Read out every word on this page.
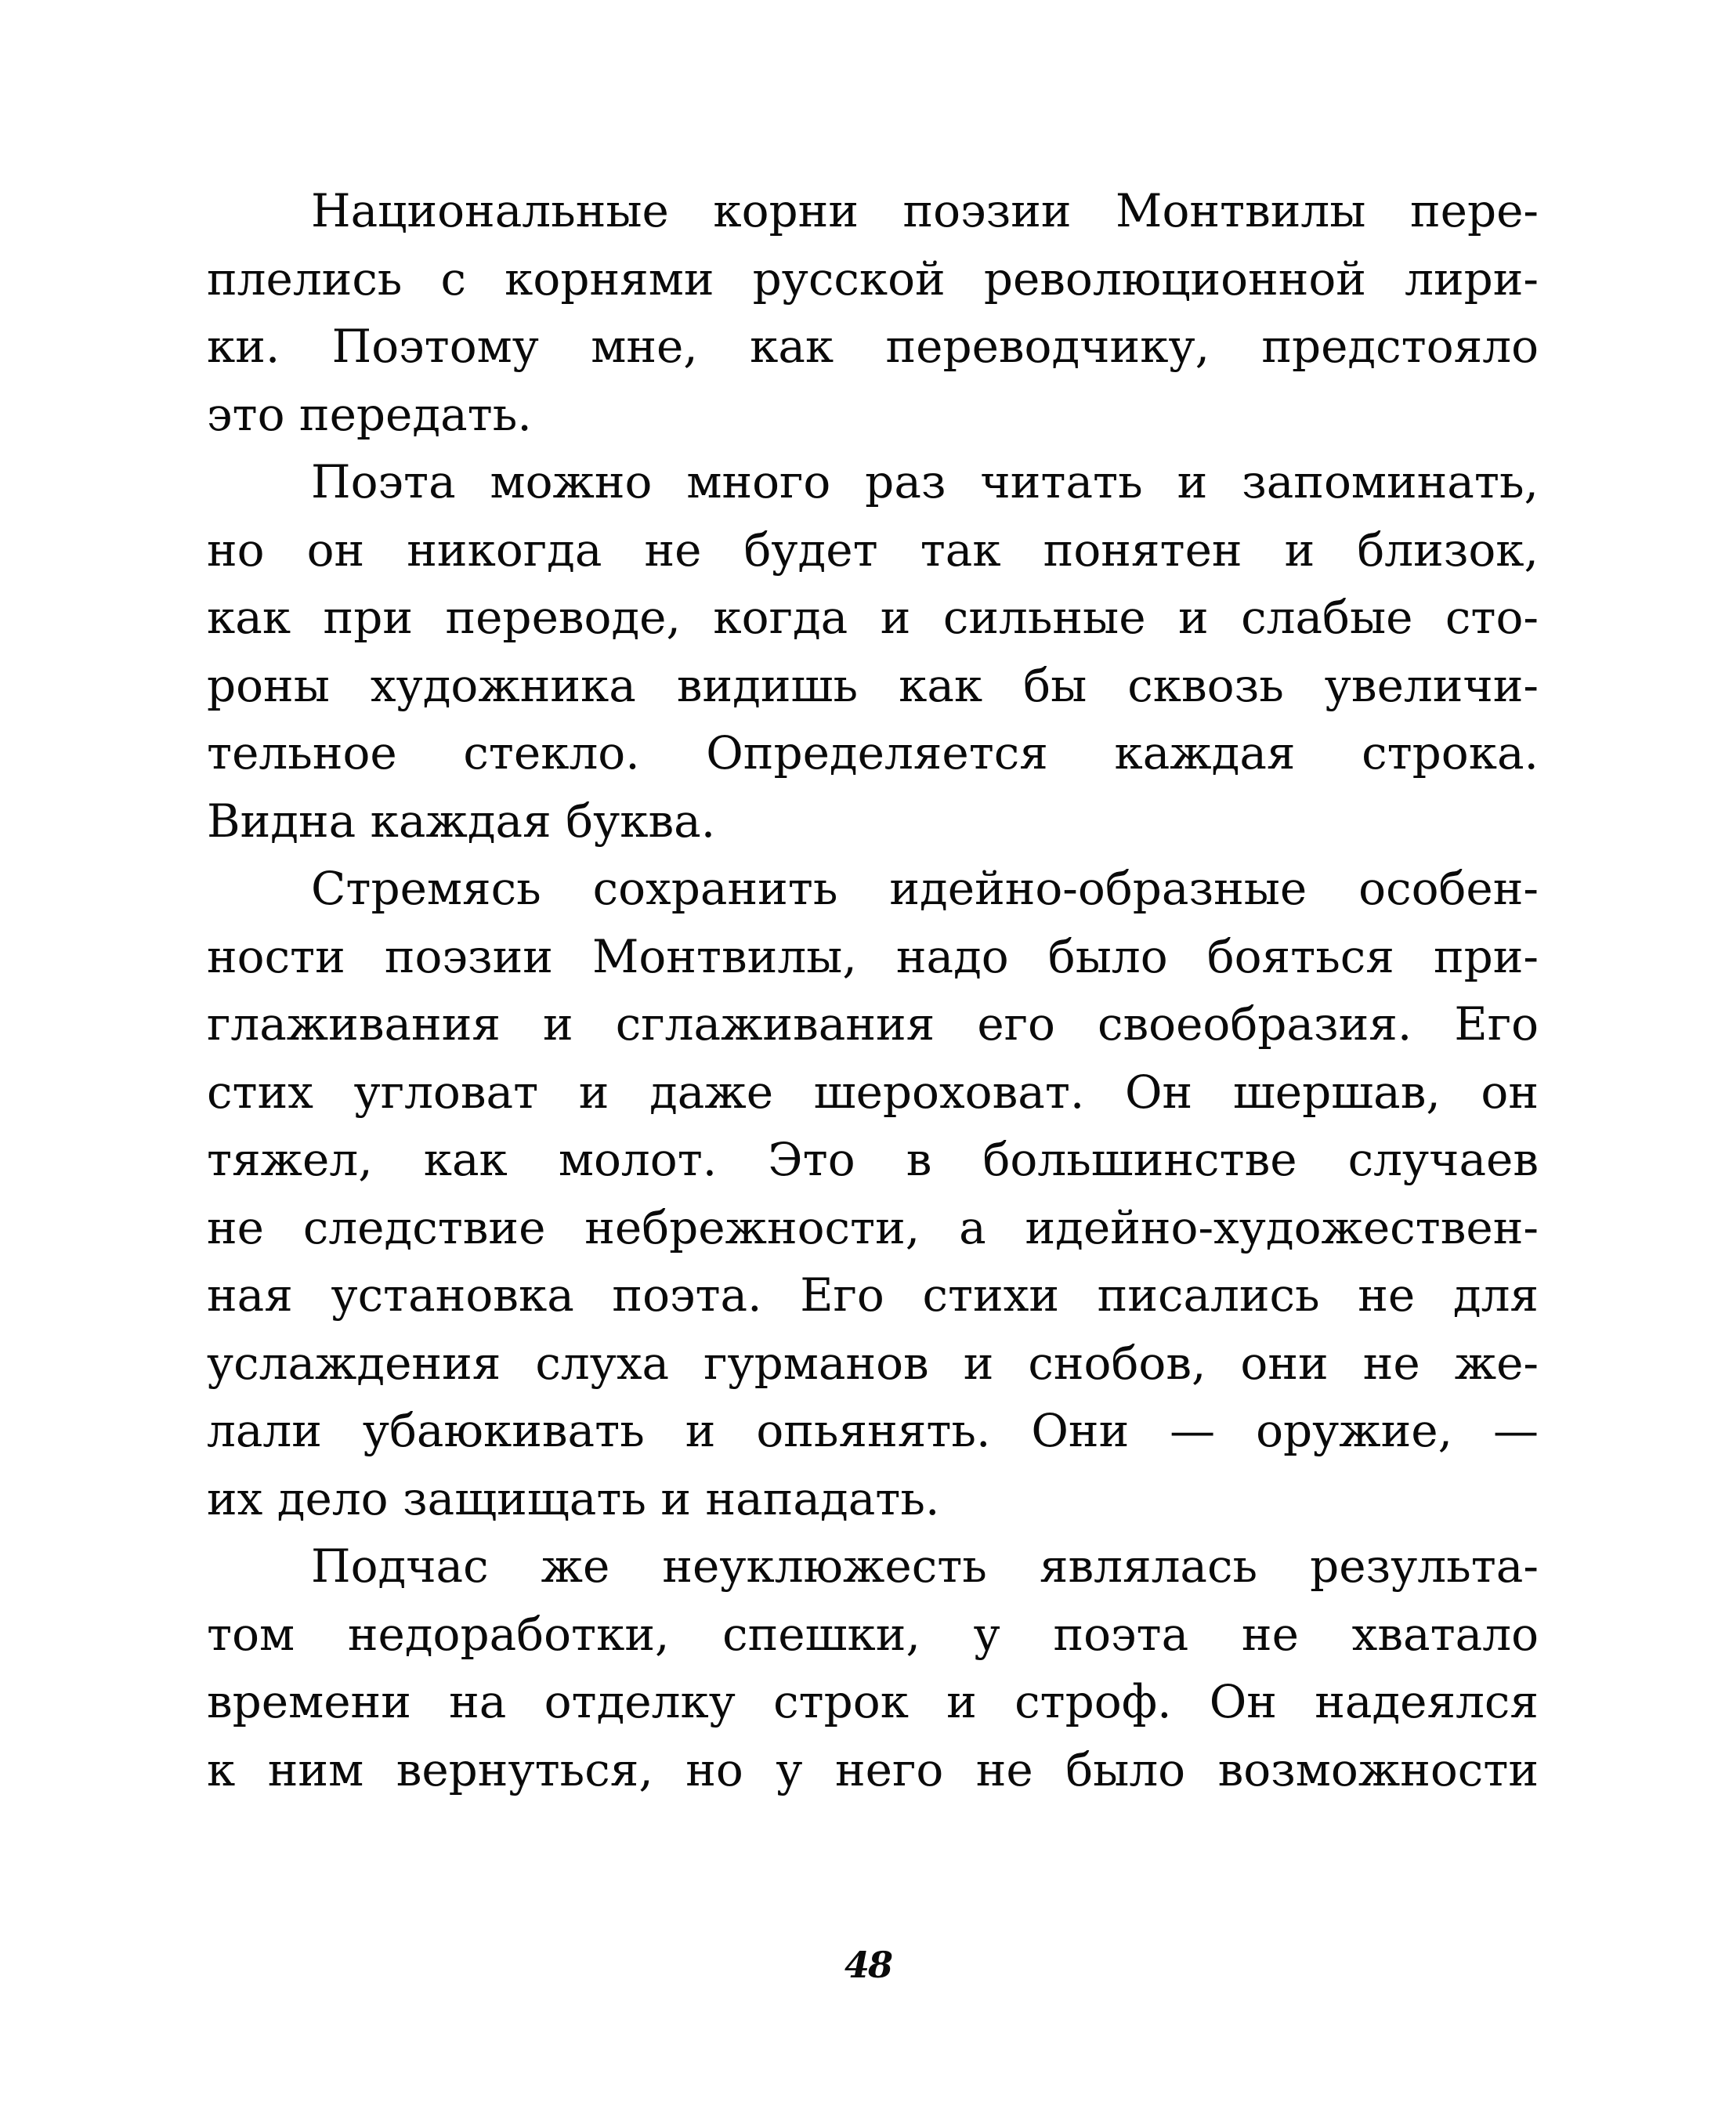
Национальные корни поэзии Монтвилы пере-
плелись с корнями русской революционной лири-
ки. Поэтому мне, как переводчику, предстояло
это передать.
Поэта можно много раз читать и запоминать,
но он никогда не будет так понятен и близок,
как при переводе, когда и сильные и слабые сто-
роны художника видишь как бы сквозь увеличи-
тельное стекло. Определяется каждая строка.
Видна каждая буква.
Стремясь сохранить идейно-образные особен-
ности поэзии Монтвилы, надо было бояться при-
глаживания и сглаживания его своеобразия. Его
стих угловат и даже шероховат. Он шершав, он
тяжел, как молот. Это в большинстве случаев
не следствие небрежности, а идейно-художествен-
ная установка поэта. Его стихи писались не для
услаждения слуха гурманов и снобов, они не же-
лали убаюкивать и опьянять. Они — оружие, —
их дело защищать и нападать.
Подчас же неуклюжесть являлась результа-
том недоработки, спешки, у поэта не хватало
времени на отделку строк и строф. Он надеялся
к ним вернуться, но у него не было возможности
48
